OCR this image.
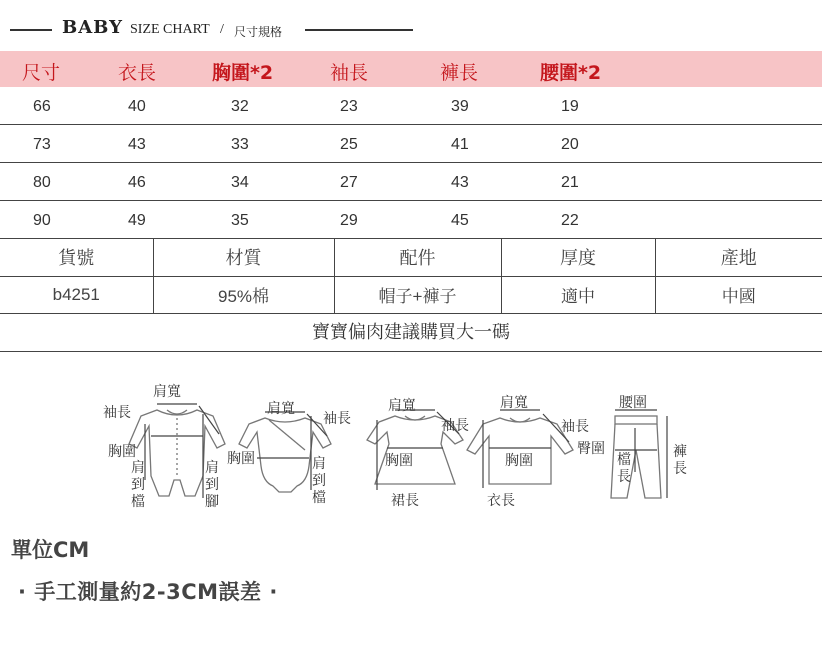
BABY SIZE CHART / 尺寸規格
尺寸	衣長	胸圍*2	袖長	褲長	腰圍*2
66	40	32	23	39	19
73	43	33	25	41	20
80	46	34	27	43	21
90	49	35	29	45	22
貨號	材質	配件	厚度	產地
b4251	95%棉	帽子+褲子	適中	中國
寶寶偏肉建議購買大一碼
肩寬
袖長
胸圍
肩到檔
肩到腳
肩寬
袖長
胸圍	肩到檔
肩寬
袖長
胸圍
裙長
肩寬
袖長
胸圍
衣長
腰圍
臀圍
檔長
褲長
單位CM
· 手工測量約2-3CM誤差 ·
